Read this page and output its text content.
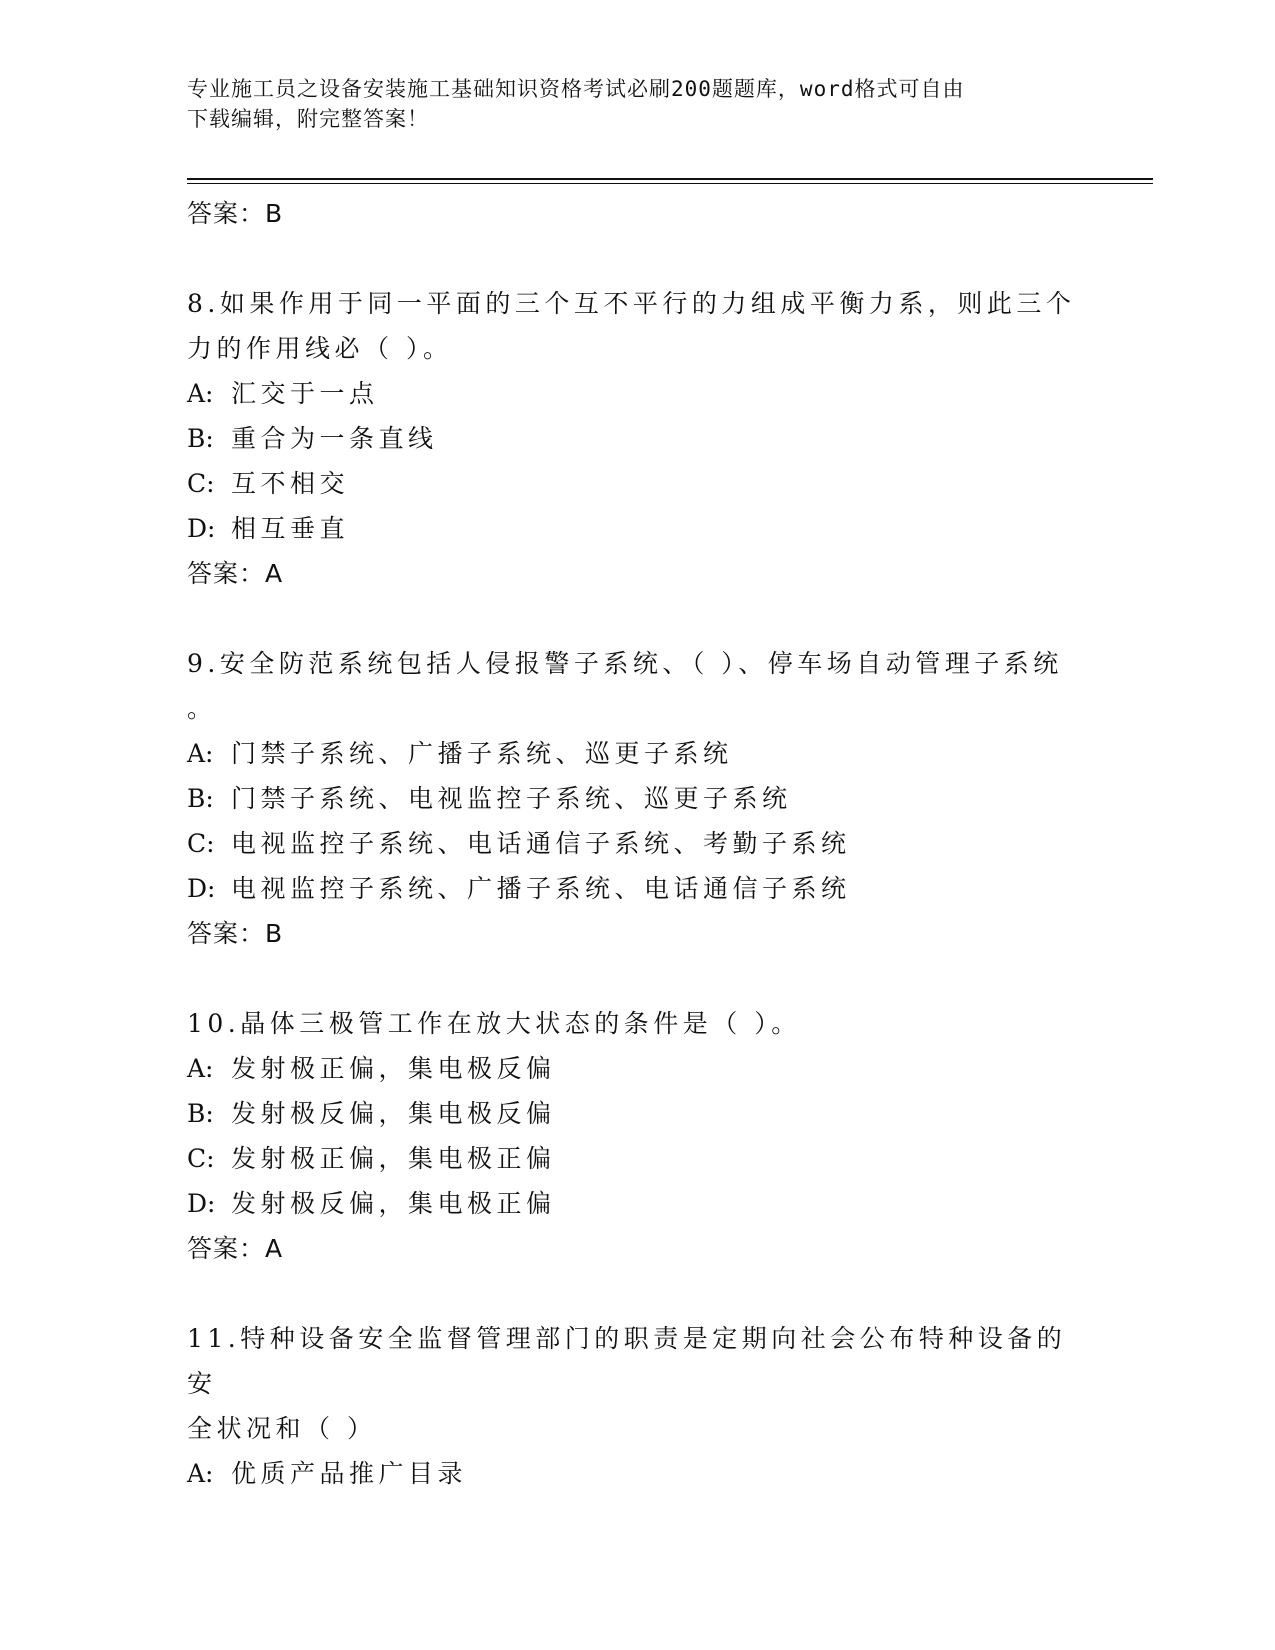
专业施工员之设备安装施工基础知识资格考试必刷200题题库，word格式可自由
下载编辑，附完整答案！
答案：B
8.如果作用于同一平面的三个互不平行的力组成平衡力系，则此三个
力的作用线必（ ）。
A: 汇交于一点
B: 重合为一条直线
C: 互不相交
D: 相互垂直
答案：A
9.安全防范系统包括人侵报警子系统、（ ）、停车场自动管理子系统
。
A: 门禁子系统、广播子系统、巡更子系统
B: 门禁子系统、电视监控子系统、巡更子系统
C: 电视监控子系统、电话通信子系统、考勤子系统
D: 电视监控子系统、广播子系统、电话通信子系统
答案：B
10.晶体三极管工作在放大状态的条件是（ ）。
A: 发射极正偏，集电极反偏
B: 发射极反偏，集电极反偏
C: 发射极正偏，集电极正偏
D: 发射极反偏，集电极正偏
答案：A
11.特种设备安全监督管理部门的职责是定期向社会公布特种设备的安
全状况和（ ）
A: 优质产品推广目录
